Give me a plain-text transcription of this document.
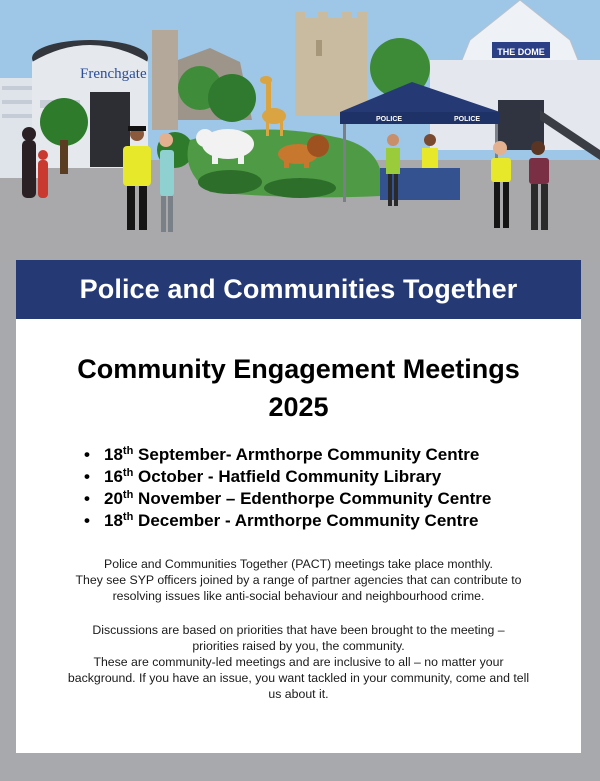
Frenchgate
THE DOME
POLICE	POLICE
Police and Communities Together
Community Engagement Meetings
2025
• 18th September- Armthorpe Community Centre
• 16th October - Hatfield Community Library
• 20th November – Edenthorpe Community Centre
• 18th December - Armthorpe Community Centre
Police and Communities Together (PACT) meetings take place monthly.
They see SYP officers joined by a range of partner agencies that can contribute to
resolving issues like anti-social behaviour and neighbourhood crime.
Discussions are based on priorities that have been brought to the meeting –
priorities raised by you, the community.
These are community-led meetings and are inclusive to all – no matter your
background. If you have an issue, you want tackled in your community, come and tell
us about it.
